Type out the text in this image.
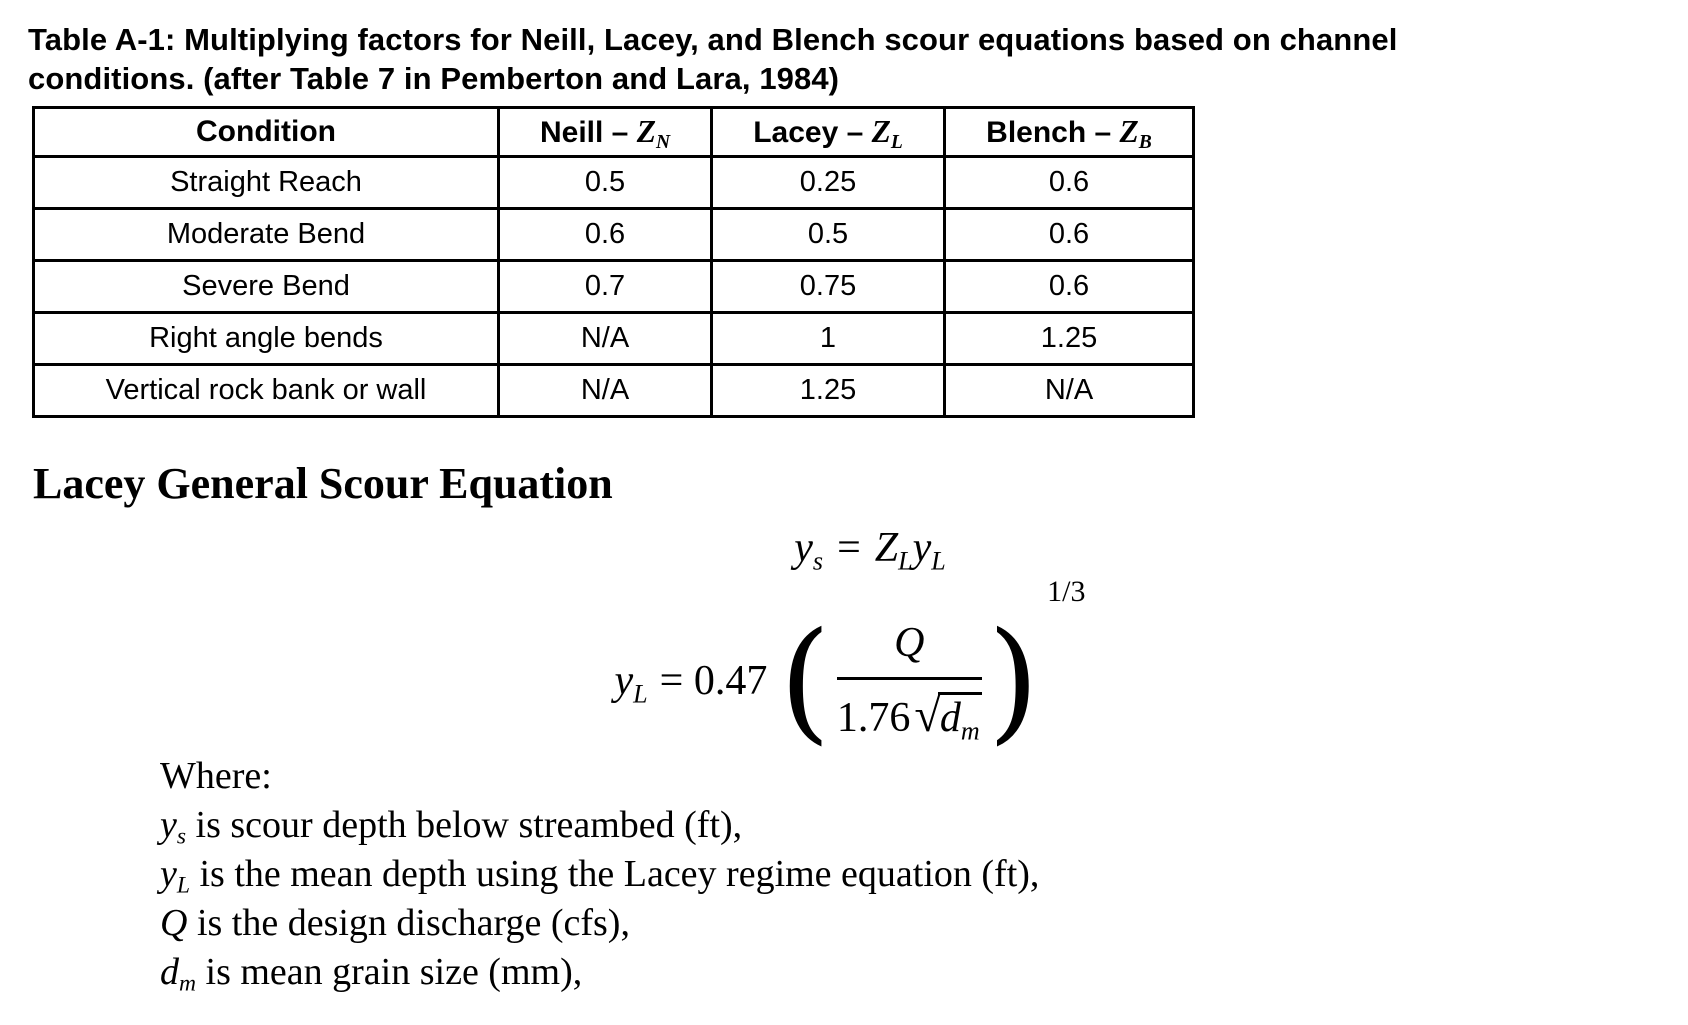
Table A-1: Multiplying factors for Neill, Lacey, and Blench scour equations based on channel
conditions. (after Table 7 in Pemberton and Lara, 1984)
Condition	Neill – $Z_N$	Lacey – $Z_L$	Blench – $Z_B$
Straight Reach	0.5	0.25	0.6
Moderate Bend	0.6	0.5	0.6
Severe Bend	0.7	0.75	0.6
Right angle bends	N/A	1	1.25
Vertical rock bank or wall	N/A	1.25	N/A
Lacey General Scour Equation
$y_s = Z_Ly_L$
$y_L = 0.47$ ( $\frac{Q}{1.76√d_m}$ )
1/3
Where:
$y_s$ is scour depth below streambed (ft),
$y_L$ is the mean depth using the Lacey regime equation (ft),
Q is the design discharge (cfs),
$d_m$ is mean grain size (mm),
